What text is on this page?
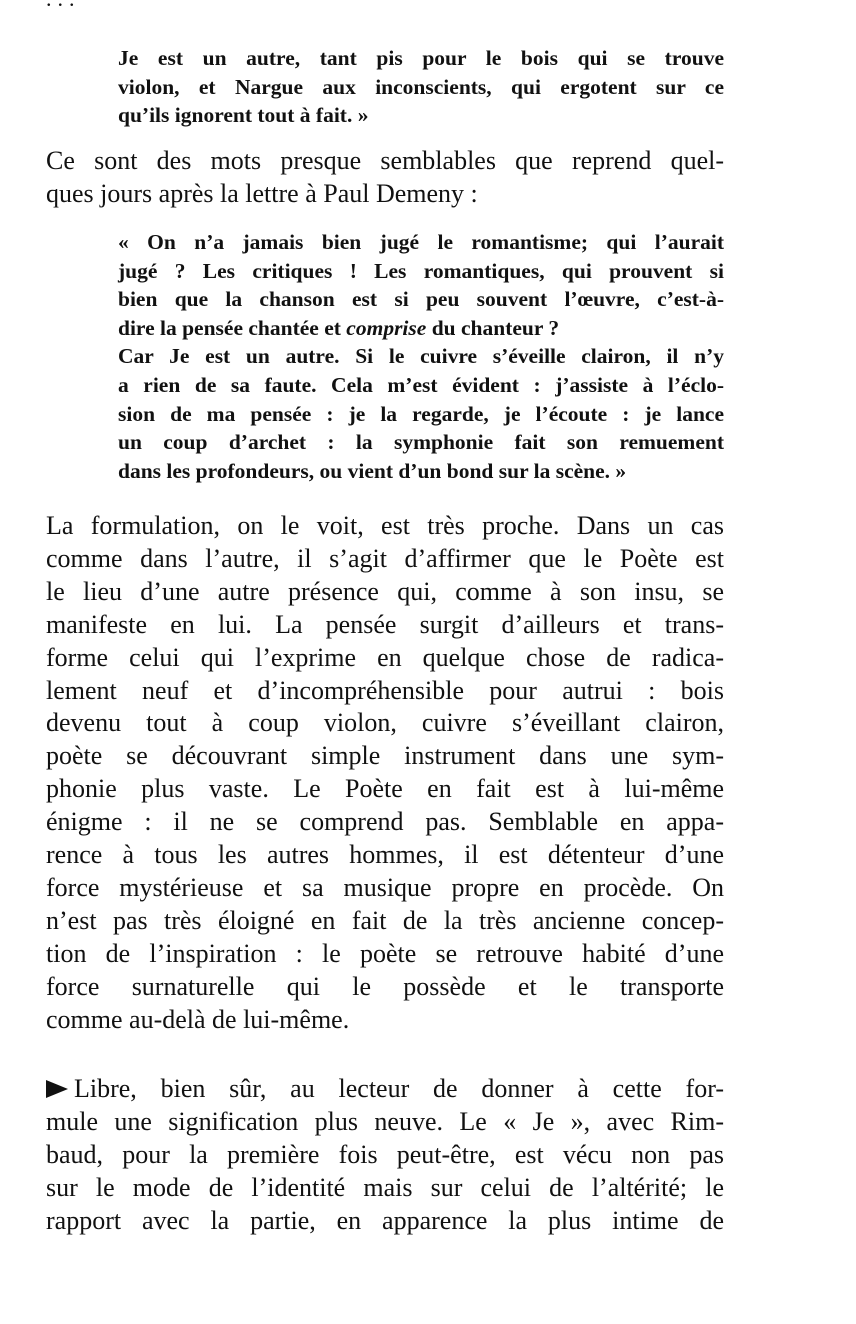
Je est un autre, tant pis pour le bois qui se trouve
violon, et Nargue aux inconscients, qui ergotent sur ce
qu’ils ignorent tout à fait. »
Ce sont des mots presque semblables que reprend quel-
ques jours après la lettre à Paul Demeny :
« On n’a jamais bien jugé le romantisme; qui l’aurait
jugé ? Les critiques ! Les romantiques, qui prouvent si
bien que la chanson est si peu souvent l’œuvre, c’est-à-
dire la pensée chantée et comprise du chanteur ?
Car Je est un autre. Si le cuivre s’éveille clairon, il n’y
a rien de sa faute. Cela m’est évident : j’assiste à l’éclo-
sion de ma pensée : je la regarde, je l’écoute : je lance
un coup d’archet : la symphonie fait son remuement
dans les profondeurs, ou vient d’un bond sur la scène. »
La formulation, on le voit, est très proche. Dans un cas
comme dans l’autre, il s’agit d’affirmer que le Poète est
le lieu d’une autre présence qui, comme à son insu, se
manifeste en lui. La pensée surgit d’ailleurs et trans-
forme celui qui l’exprime en quelque chose de radica-
lement neuf et d’incompréhensible pour autrui : bois
devenu tout à coup violon, cuivre s’éveillant clairon,
poète se découvrant simple instrument dans une sym-
phonie plus vaste. Le Poète en fait est à lui-même
énigme : il ne se comprend pas. Semblable en appa-
rence à tous les autres hommes, il est détenteur d’une
force mystérieuse et sa musique propre en procède. On
n’est pas très éloigné en fait de la très ancienne concep-
tion de l’inspiration : le poète se retrouve habité d’une
force surnaturelle qui le possède et le transporte
comme au-delà de lui-même.
Libre, bien sûr, au lecteur de donner à cette for-
mule une signification plus neuve. Le « Je », avec Rim-
baud, pour la première fois peut-être, est vécu non pas
sur le mode de l’identité mais sur celui de l’altérité; le
rapport avec la partie, en apparence la plus intime de
